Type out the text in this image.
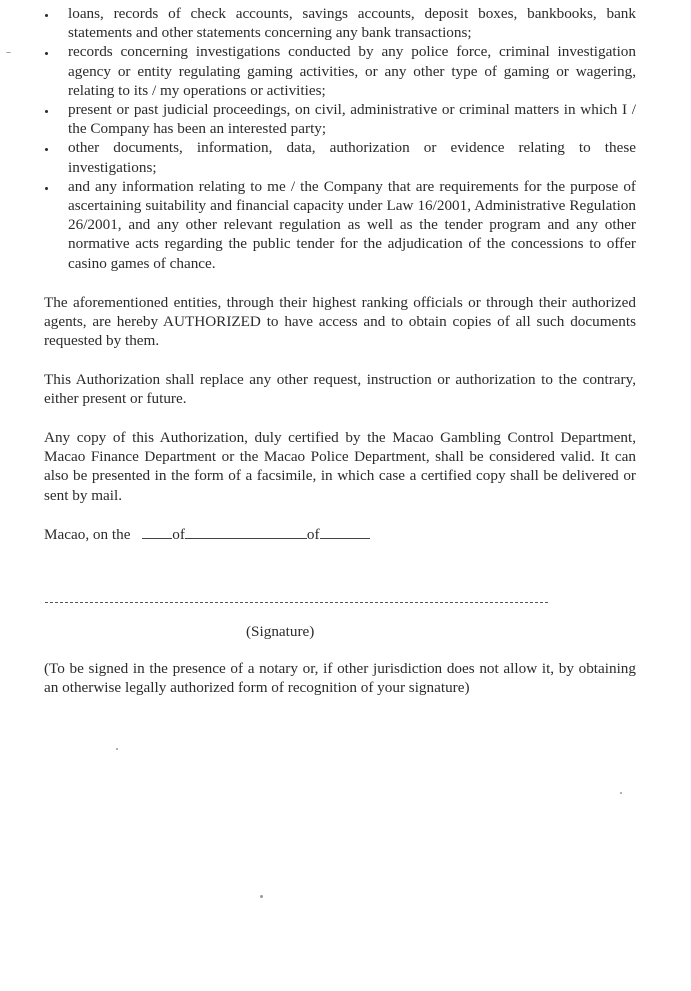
loans, records of check accounts, savings accounts, deposit boxes, bankbooks, bank statements and other statements concerning any bank transactions;
records concerning investigations conducted by any police force, criminal investigation agency or entity regulating gaming activities, or any other type of gaming or wagering, relating to its / my operations or activities;
present or past judicial proceedings, on civil, administrative or criminal matters in which I / the Company has been an interested party;
other documents, information, data, authorization or evidence relating to these investigations;
and any information relating to me / the Company that are requirements for the purpose of ascertaining suitability and financial capacity under Law 16/2001, Administrative Regulation 26/2001, and any other relevant regulation as well as the tender program and any other normative acts regarding the public tender for the adjudication of the concessions to offer casino games of chance.

The aforementioned entities, through their highest ranking officials or through their authorized agents, are hereby AUTHORIZED to have access and to obtain copies of all such documents requested by them.

This Authorization shall replace any other request, instruction or authorization to the contrary, either present or future.

Any copy of this Authorization, duly certified by the Macao Gambling Control Department, Macao Finance Department or the Macao Police Department, shall be considered valid. It can also be presented in the form of a facsimile, in which case a certified copy shall be delivered or sent by mail.

Macao, on the	of	of
(Signature)

(To be signed in the presence of a notary or, if other jurisdiction does not allow it, by obtaining an otherwise legally authorized form of recognition of your signature)
